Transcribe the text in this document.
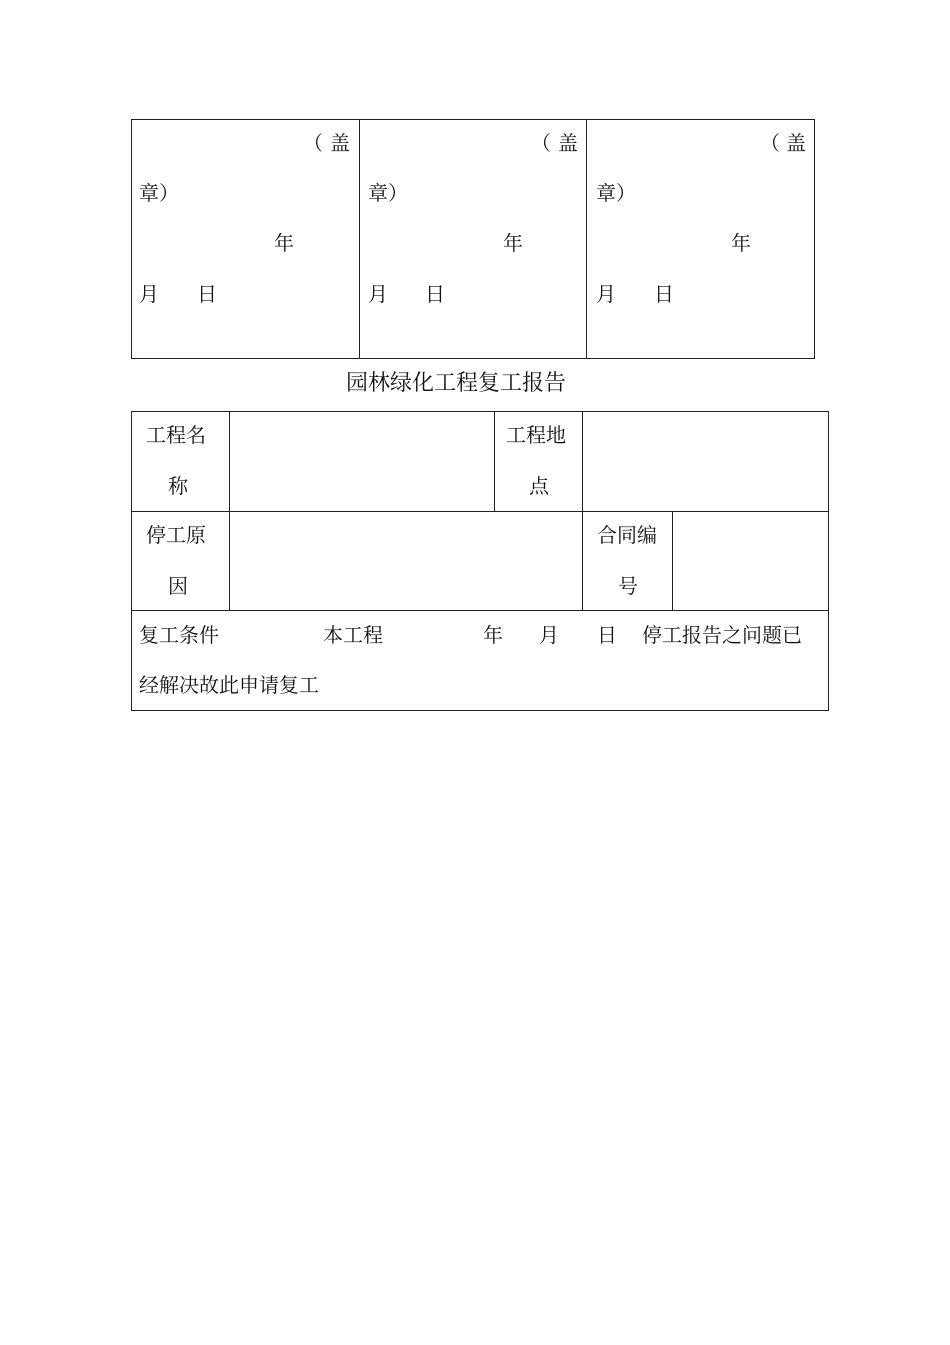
（ 盖
章）
年
月 日
（ 盖
章）
年
月 日
（ 盖
章）
年
月 日
园林绿化工程复工报告
工程名
称
工程地
点
停工原
因
合同编
号
复工条件	本工程	年 月 日 停工报告之问题已
经解决故此申请复工
